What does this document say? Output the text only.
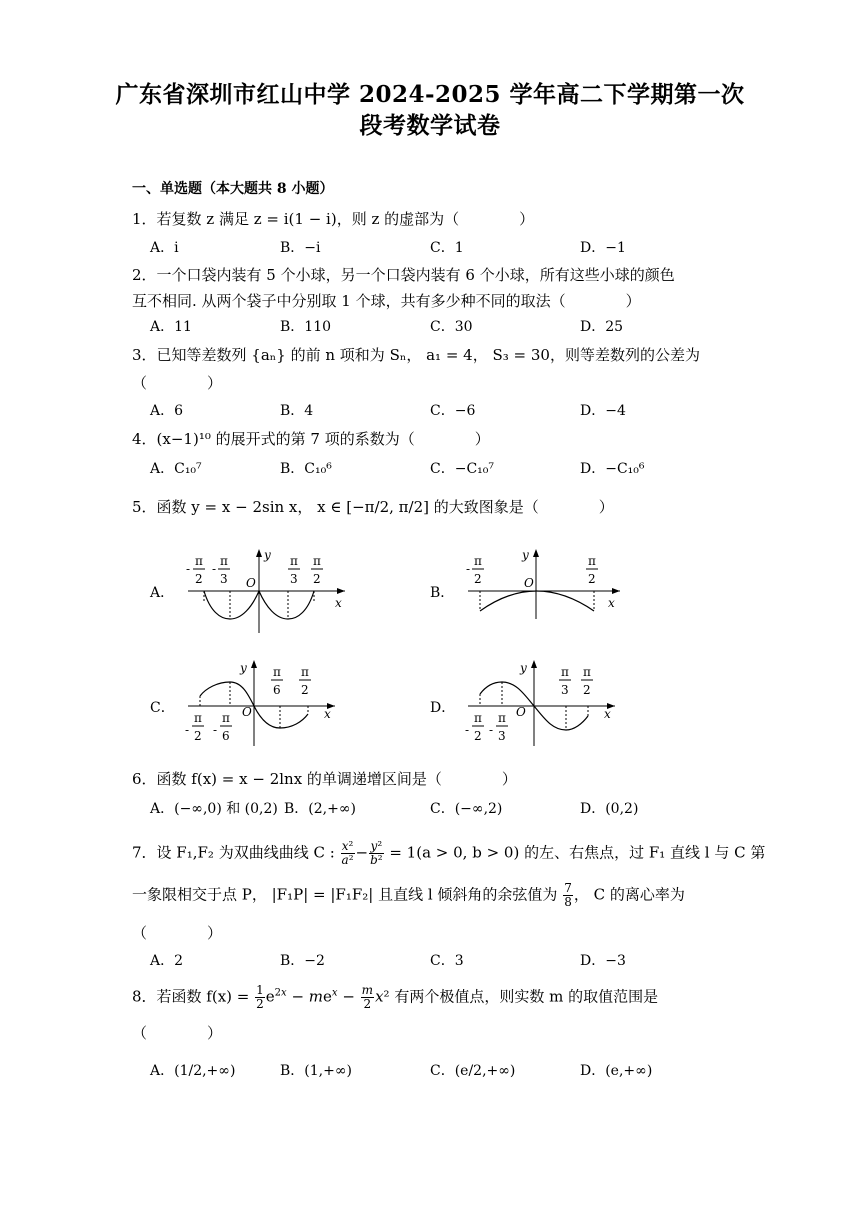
广东省深圳市红山中学 2024-2025 学年高二下学期第一次
段考数学试卷
一、单选题（本大题共 8 小题）
1．若复数 z 满足 z = i(1 − i)，则 z 的虚部为（　　　　）
A．i	B．−i	C．1	D．−1
2．一个口袋内装有 5 个小球，另一个口袋内装有 6 个小球，所有这些小球的颜色
互不相同. 从两个袋子中分别取 1 个球，共有多少种不同的取法（　　　　）
A．11	B．110	C．30	D．25
3．已知等差数列 {aₙ} 的前 n 项和为 Sₙ， a₁ = 4， S₃ = 30，则等差数列的公差为
（　　　　）
A．6	B．4	C．−6	D．−4
4．(x−1)¹⁰ 的展开式的第 7 项的系数为（　　　　）
A．C₁₀⁷	B．C₁₀⁶	C．−C₁₀⁷	D．−C₁₀⁶
5．函数 y = x − 2sin x， x ∈ [−π/2, π/2] 的大致图象是（　　　　）
A．	B．
C．	D．
y
x
O
π
2
-
π
3
-
π
3
π
2
y
x
O
π
2
-
π
2
y
x
O
π
6
π
2
π
2
-
π
6
-
y
x
O
π
3
π
2
π
2
-
π
3
-
6．函数 f(x) = x − 2lnx 的单调递增区间是（　　　　）
A．(−∞,0) 和 (0,2) B．(2,+∞)	C．(−∞,2)	D．(0,2)
7．设 F₁,F₂ 为双曲线曲线 C : $\frac{\text{x²}}{\text{a²}} - \frac{\text{y²}}{\text{b²}} = 1(a > 0$, b > 0) 的左、右焦点，过 F₁ 直线 l 与 C 第
一象限相交于点 P， |F₁P| = |F₁F₂| 且直线 l 倾斜角的余弦值为 $\frac{7}{8}$ ， C 的离心率为
（　　　　）
A．2	B．−2	C．3	D．−3
8．若函数 $f(x) = \frac{1}{2} e^{2x} - me^x - \frac{m}{2} x^2$ 有两个极值点，则实数 m 的取值范围是
（　　　　）
A．(1/2,+∞)	B．(1,+∞)	C．(e/2,+∞)	D．(e,+∞)
